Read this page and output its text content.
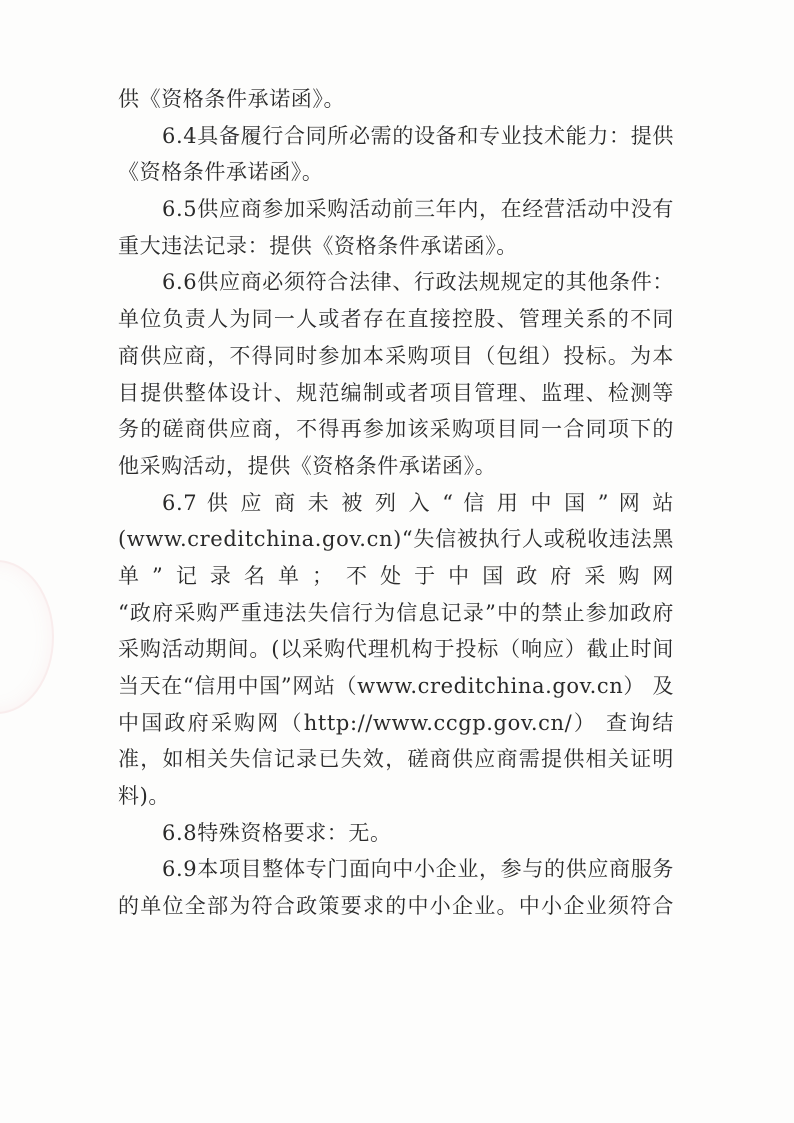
供《资格条件承诺函》。
6.4具备履行合同所必需的设备和专业技术能力：提供
《资格条件承诺函》。
6.5供应商参加采购活动前三年内，在经营活动中没有
重大违法记录：提供《资格条件承诺函》。
6.6供应商必须符合法律、行政法规规定的其他条件：
单位负责人为同一人或者存在直接控股、管理关系的不同
商供应商，不得同时参加本采购项目（包组）投标。为本
目提供整体设计、规范编制或者项目管理、监理、检测等
务的磋商供应商，不得再参加该采购项目同一合同项下的
他采购活动，提供《资格条件承诺函》。
6.7 供 应 商 未 被 列 入 “ 信 用 中 国 ” 网 站
(www.creditchina.gov.cn)“失信被执行人或税收违法黑
单”记录名单；不处于中国政府采购网
“政府采购严重违法失信行为信息记录”中的禁止参加政府
采购活动期间。(以采购代理机构于投标（响应）截止时间
当天在“信用中国”网站（www.creditchina.gov.cn） 及
中国政府采购网（http://www.ccgp.gov.cn/） 查询结
准，如相关失信记录已失效，磋商供应商需提供相关证明
料)。
6.8特殊资格要求：无。
6.9本项目整体专门面向中小企业，参与的供应商服务
的单位全部为符合政策要求的中小企业。中小企业须符合
